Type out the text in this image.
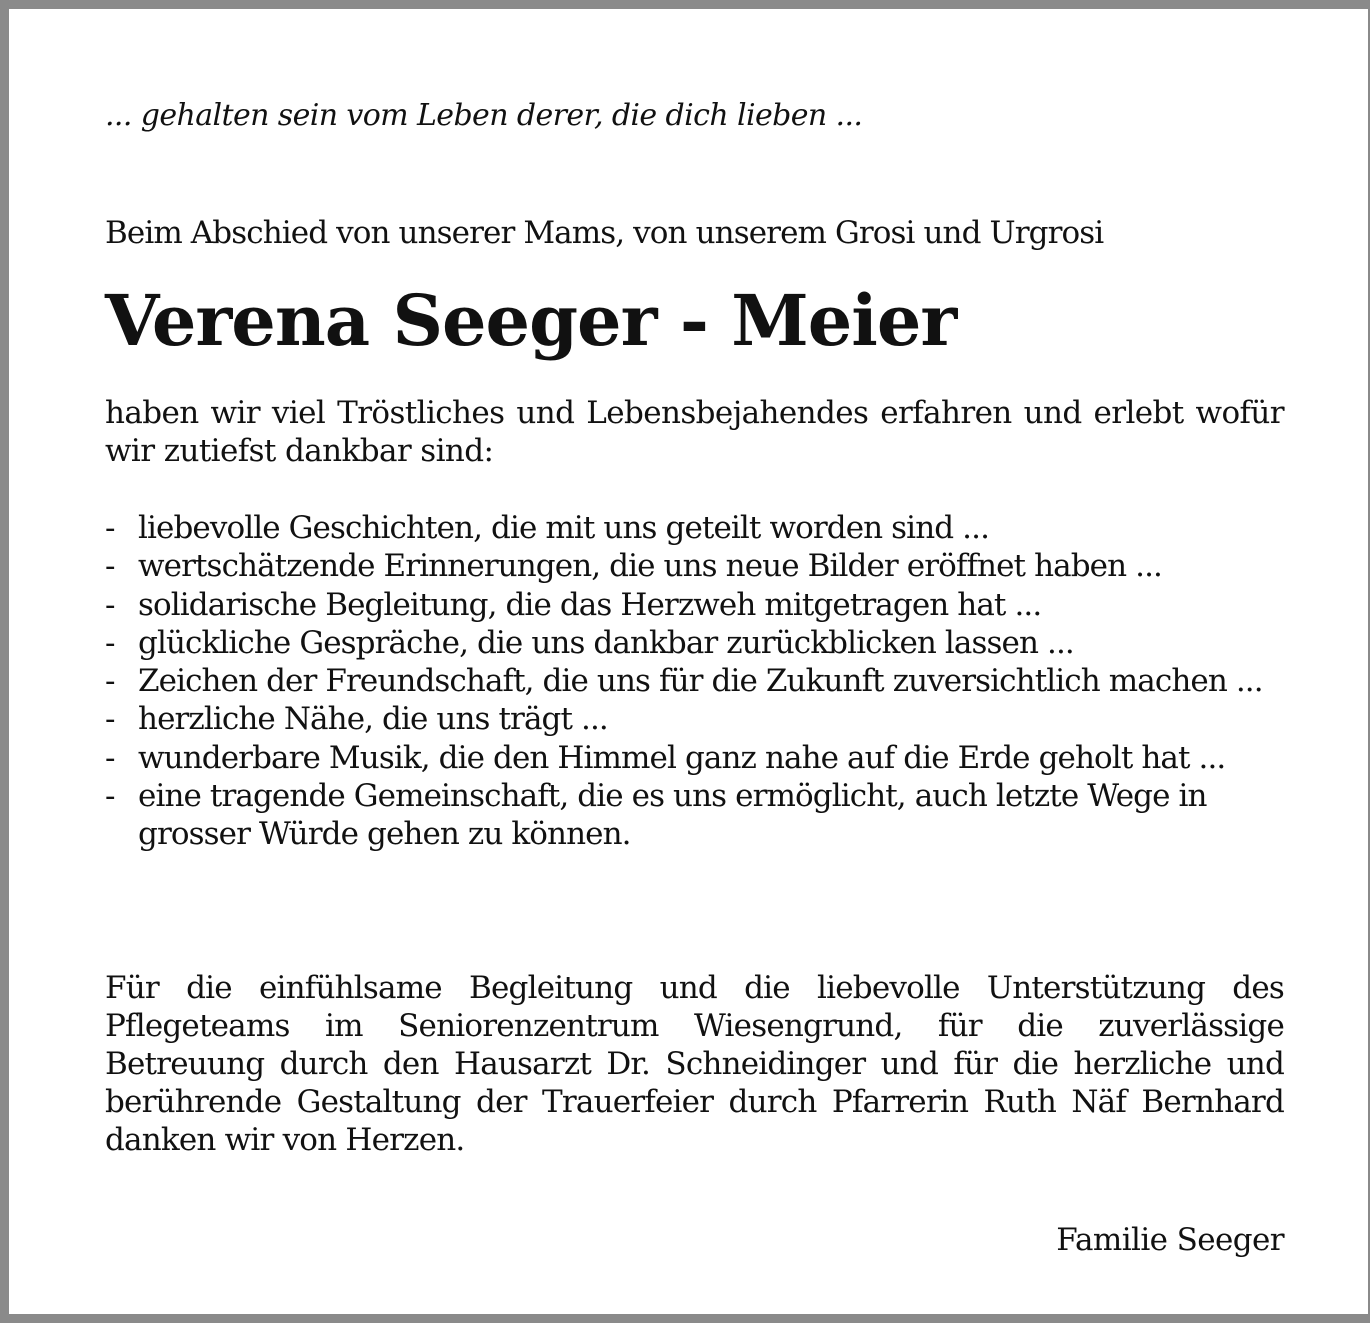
... gehalten sein vom Leben derer, die dich lieben ...
Beim Abschied von unserer Mams, von unserem Grosi und Urgrosi
Verena Seeger - Meier
haben wir viel Tröstliches und Lebensbejahendes erfahren und erlebt wofür wir zutiefst dankbar sind:
- liebevolle Geschichten, die mit uns geteilt worden sind ...
- wertschätzende Erinnerungen, die uns neue Bilder eröffnet haben ...
- solidarische Begleitung, die das Herzweh mitgetragen hat ...
- glückliche Gespräche, die uns dankbar zurückblicken lassen ...
- Zeichen der Freundschaft, die uns für die Zukunft zuversichtlich machen ...
- herzliche Nähe, die uns trägt ...
- wunderbare Musik, die den Himmel ganz nahe auf die Erde geholt hat ...
- eine tragende Gemeinschaft, die es uns ermöglicht, auch letzte Wege in grosser Würde gehen zu können.
Für die einfühlsame Begleitung und die liebevolle Unterstützung des Pflegeteams im Seniorenzentrum Wiesengrund, für die zuverlässige Betreuung durch den Hausarzt Dr. Schneidinger und für die herzliche und berührende Gestaltung der Trauerfeier durch Pfarrerin Ruth Näf Bernhard danken wir von Herzen.
Familie Seeger
